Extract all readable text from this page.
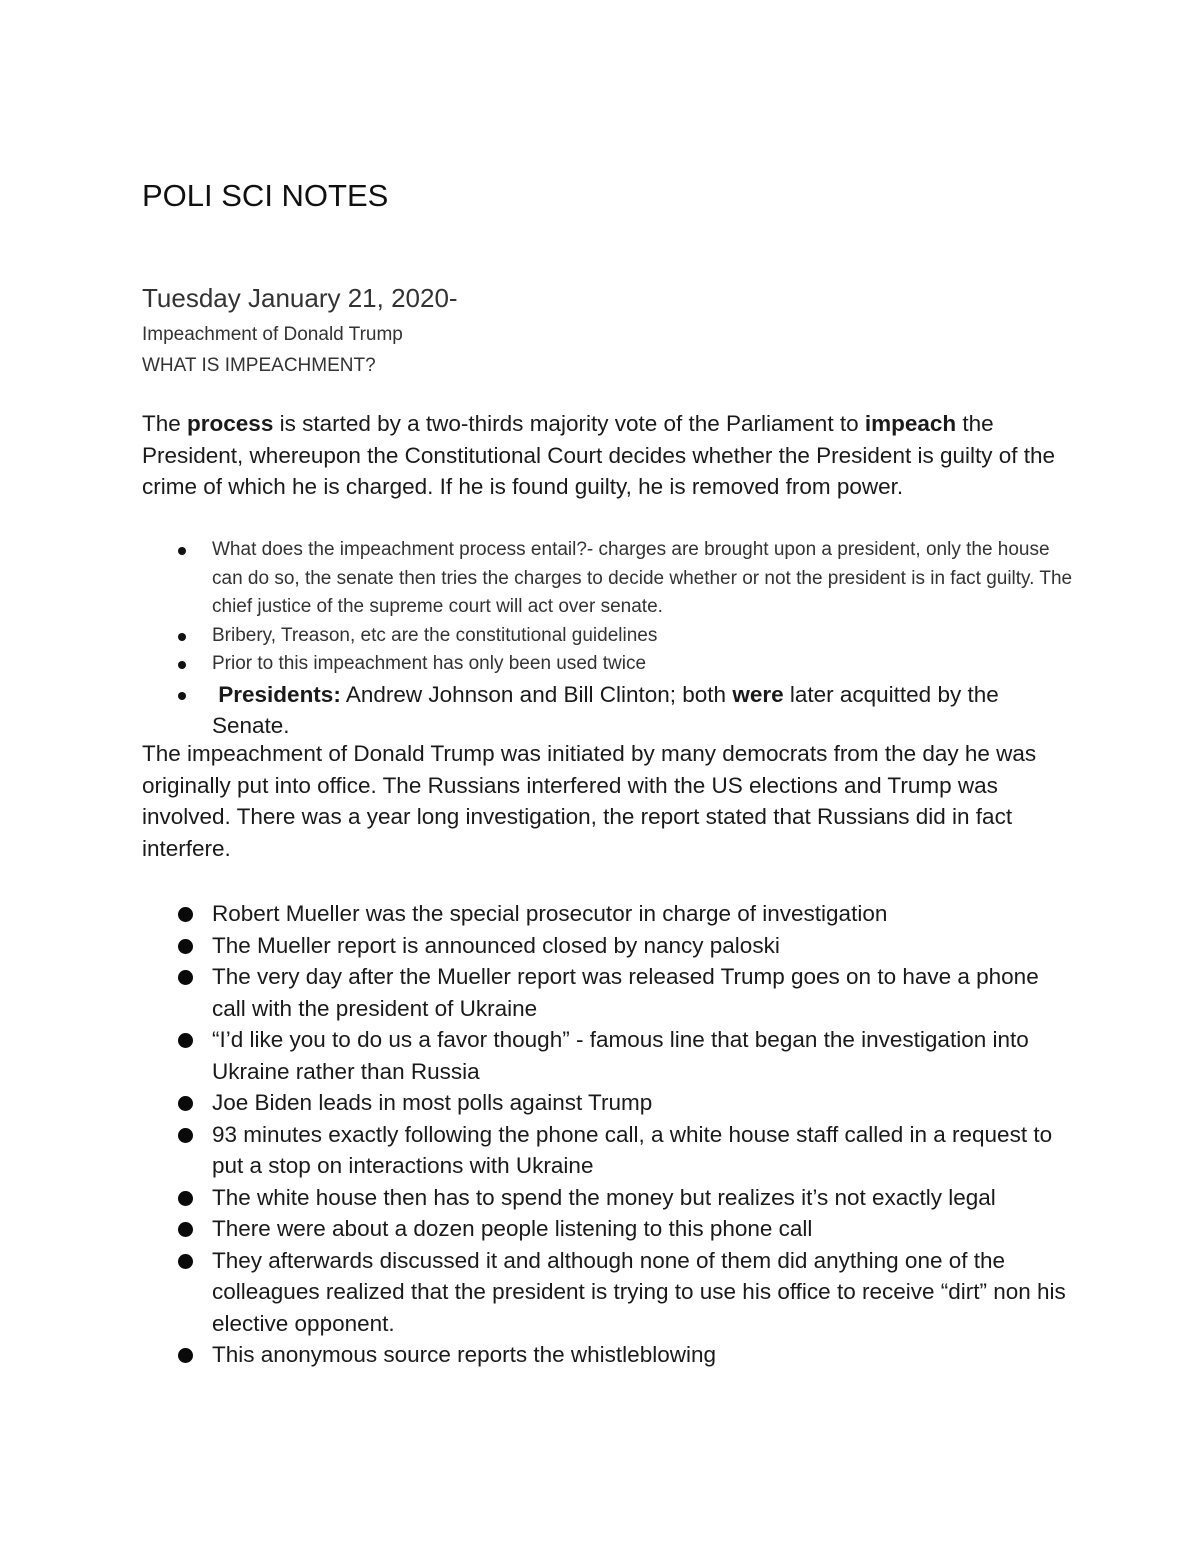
POLI SCI NOTES
Tuesday January 21, 2020-
Impeachment of Donald Trump
WHAT IS IMPEACHMENT?

The process is started by a two-thirds majority vote of the Parliament to impeach the President, whereupon the Constitutional Court decides whether the President is guilty of the crime of which he is charged. If he is found guilty, he is removed from power.

What does the impeachment process entail?- charges are brought upon a president, only the house can do so, the senate then tries the charges to decide whether or not the president is in fact guilty. The chief justice of the supreme court will act over senate.
Bribery, Treason, etc are the constitutional guidelines
Prior to this impeachment has only been used twice
Presidents: Andrew Johnson and Bill Clinton; both were later acquitted by the Senate.

The impeachment of Donald Trump was initiated by many democrats from the day he was originally put into office. The Russians interfered with the US elections and Trump was involved. There was a year long investigation, the report stated that Russians did in fact interfere.

Robert Mueller was the special prosecutor in charge of investigation
The Mueller report is announced closed by nancy paloski
The very day after the Mueller report was released Trump goes on to have a phone call with the president of Ukraine
“I’d like you to do us a favor though” - famous line that began the investigation into Ukraine rather than Russia
Joe Biden leads in most polls against Trump
93 minutes exactly following the phone call, a white house staff called in a request to put a stop on interactions with Ukraine
The white house then has to spend the money but realizes it’s not exactly legal
There were about a dozen people listening to this phone call
They afterwards discussed it and although none of them did anything one of the colleagues realized that the president is trying to use his office to receive “dirt” non his elective opponent.
This anonymous source reports the whistleblowing
